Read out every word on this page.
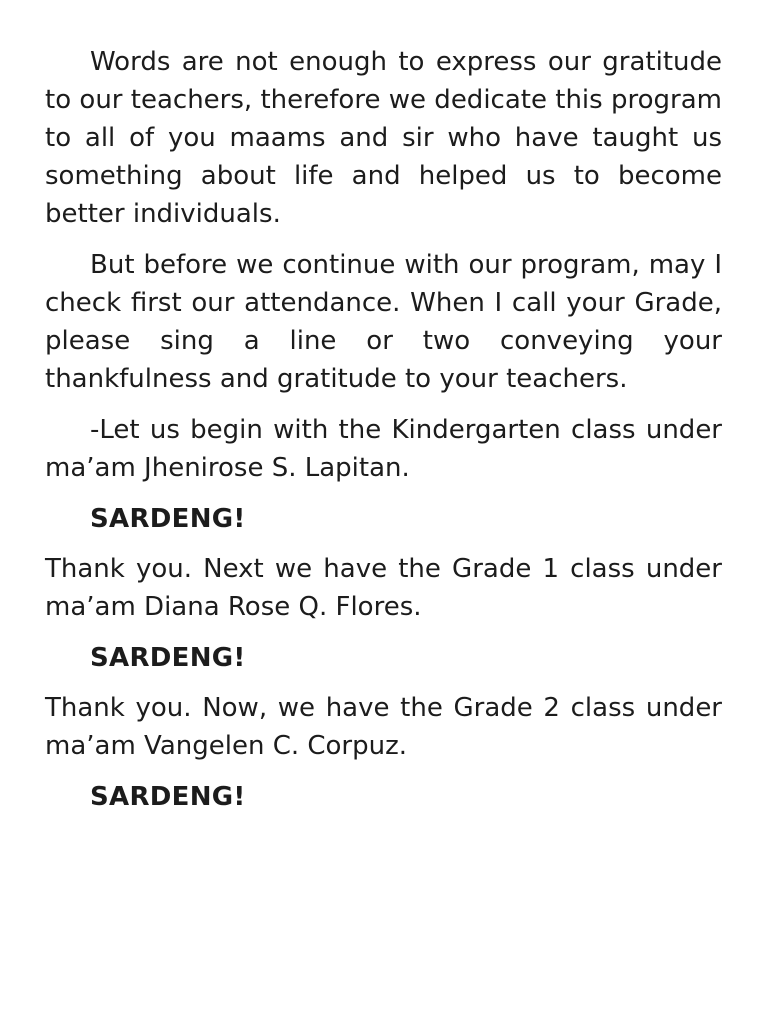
Words are not enough to express our gratitude to our teachers, therefore we dedicate this program to all of you maams and sir who have taught us something about life and helped us to become better individuals.

But before we continue with our program, may I check first our attendance. When I call your Grade, please sing a line or two conveying your thankfulness and gratitude to your teachers.

-Let us begin with the Kindergarten class under ma’am Jhenirose S. Lapitan.

SARDENG!

Thank you. Next we have the Grade 1 class under ma’am Diana Rose Q. Flores.

SARDENG!

Thank you. Now, we have the Grade 2 class under ma’am Vangelen C. Corpuz.

SARDENG!
